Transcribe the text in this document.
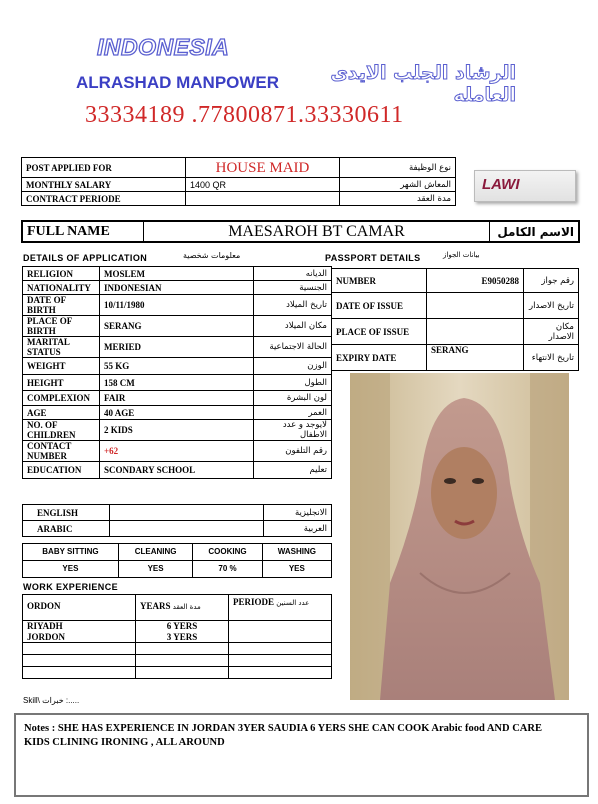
INDONESIA
ALRASHAD MANPOWER	الرشاد الجلب الايدى العامله
33334189 .77800871.33330611
POST APPLIED FOR	HOUSE MAID	نوع الوظيفة
MONTHLY SALARY	1400 QR	المعاش الشهر
CONTRACT PERIODE		مدة العقد
LAWI
FULL NAME	MAESAROH BT CAMAR	الاسم الكامل
DETAILS OF APPLICATION	معلومات شخصية	PASSPORT DETAILS	بيانات الجواز
RELIGION	MOSLEM	الديانه
NATIONALITY	INDONESIAN	الجنسية
DATE OF BIRTH	10/11/1980	تاريخ الميلاد
PLACE OF BIRTH	SERANG	مكان الميلاد
MARITAL STATUS	MERIED	الحالة الاجتماعية
WEIGHT	55 KG	الوزن
HEIGHT	158 CM	الطول
COMPLEXION	FAIR	لون البشرة
AGE	40 AGE	العمر
NO. OF CHILDREN	2 KIDS	لايوجد و عدد الاطفال
CONTACT NUMBER	+62	رقم التلفون
EDUCATION	SCONDARY SCHOOL	تعليم
ENGLISH		الانجليزية
ARABIC		العربية
NUMBER	E9050288	رقم جواز
DATE OF ISSUE		تاريخ الاصدار
PLACE OF ISSUE		مكان الاصدار
EXPIRY DATE	SERANG	تاريخ الانتهاء
BABY SITTING	CLEANING	COOKING	WASHING
YES	YES	70 %	YES
WORK EXPERIENCE
ORDON	YEARS مدة العقد	PERIODE عدد السنين
RIYADH	6 YERS	
JORDON	3 YERS	

Skill\ خبرات :.....
Notes : SHE HAS EXPERIENCE IN JORDAN 3YER SAUDIA 6 YERS SHE CAN COOK Arabic food AND CARE KIDS CLINING IRONING , ALL AROUND
